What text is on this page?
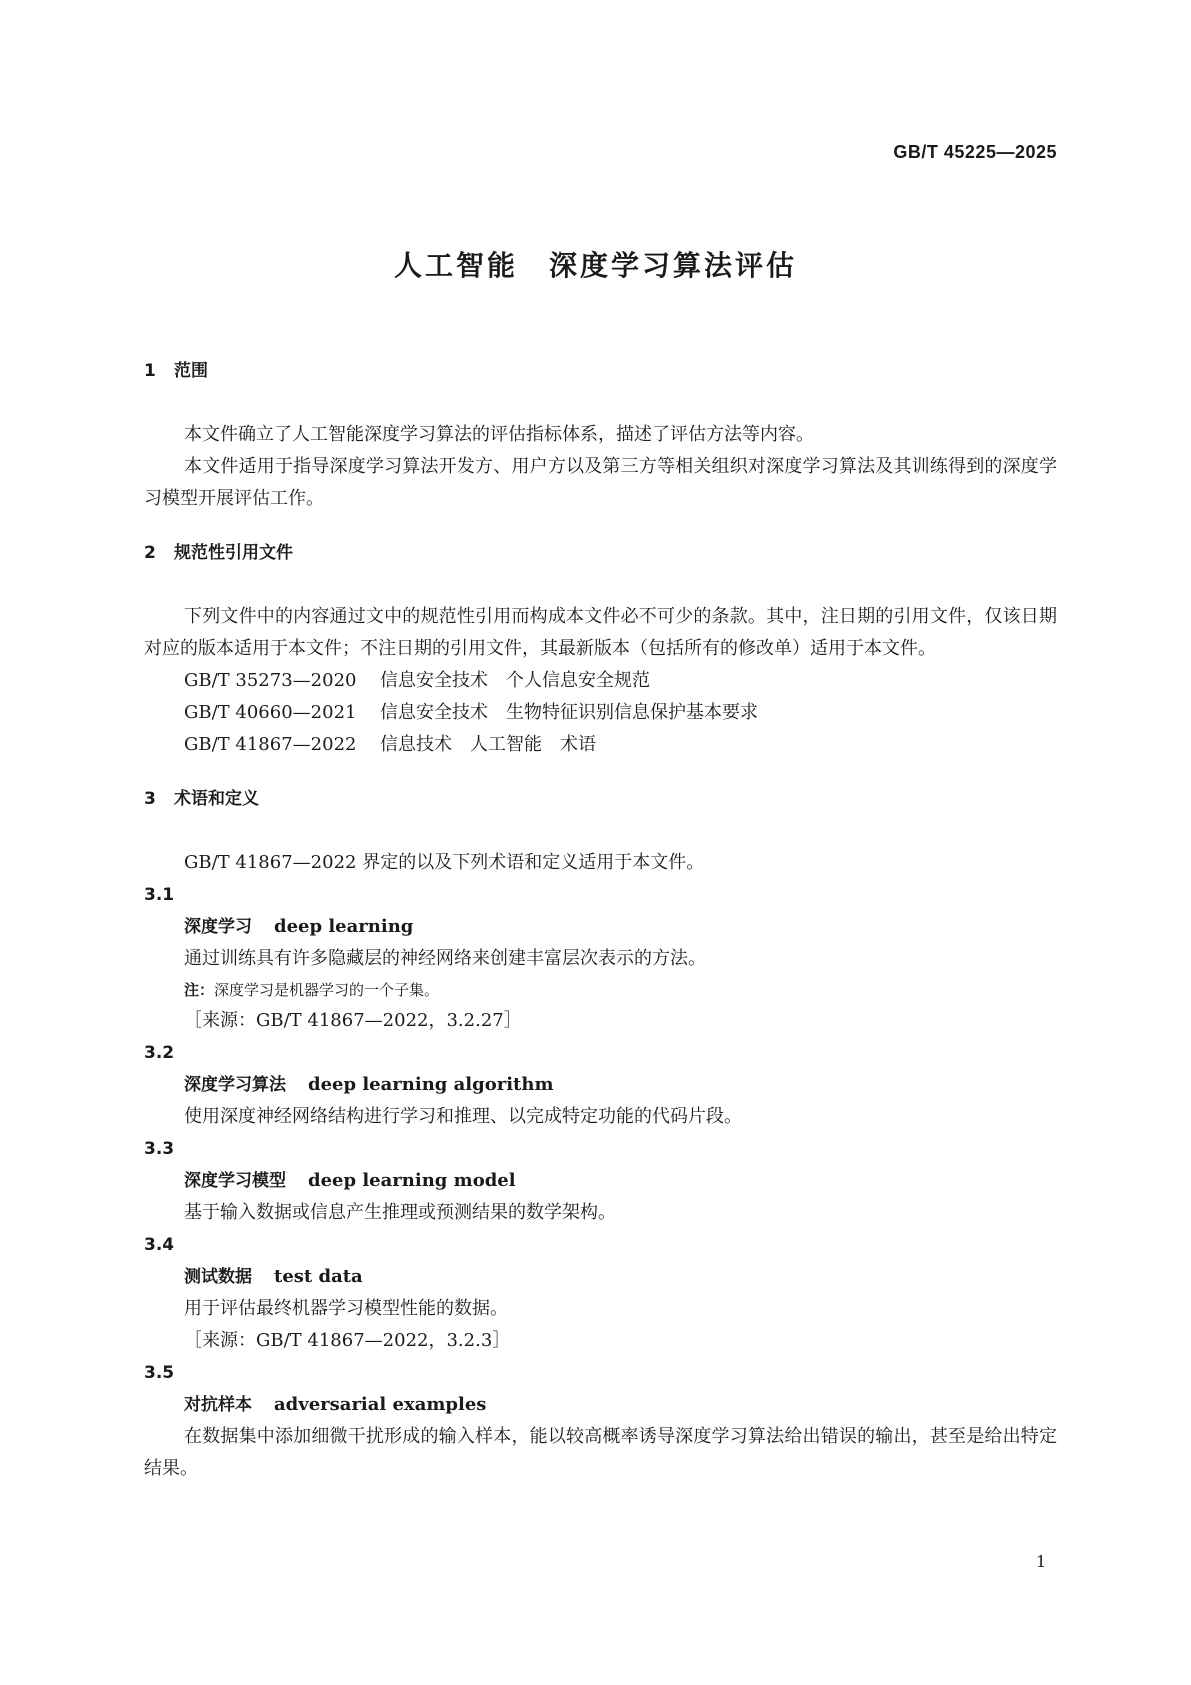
GB/T 45225—2025
人工智能　深度学习算法评估
1 范围

本文件确立了人工智能深度学习算法的评估指标体系，描述了评估方法等内容。

本文件适用于指导深度学习算法开发方、用户方以及第三方等相关组织对深度学习算法及其训练得到的深度学习模型开展评估工作。

2 规范性引用文件

下列文件中的内容通过文中的规范性引用而构成本文件必不可少的条款。其中，注日期的引用文件，仅该日期对应的版本适用于本文件；不注日期的引用文件，其最新版本（包括所有的修改单）适用于本文件。

GB/T 35273—2020 信息安全技术　个人信息安全规范

GB/T 40660—2021 信息安全技术　生物特征识别信息保护基本要求

GB/T 41867—2022 信息技术　人工智能　术语

3 术语和定义

GB/T 41867—2022 界定的以及下列术语和定义适用于本文件。

3.1

深度学习 deep learning

通过训练具有许多隐藏层的神经网络来创建丰富层次表示的方法。

注：深度学习是机器学习的一个子集。

［来源：GB/T 41867—2022，3.2.27］

3.2

深度学习算法 deep learning algorithm

使用深度神经网络结构进行学习和推理、以完成特定功能的代码片段。

3.3

深度学习模型 deep learning model

基于输入数据或信息产生推理或预测结果的数学架构。

3.4

测试数据 test data

用于评估最终机器学习模型性能的数据。

［来源：GB/T 41867—2022，3.2.3］

3.5

对抗样本 adversarial examples

在数据集中添加细微干扰形成的输入样本，能以较高概率诱导深度学习算法给出错误的输出，甚至是给出特定结果。

1
